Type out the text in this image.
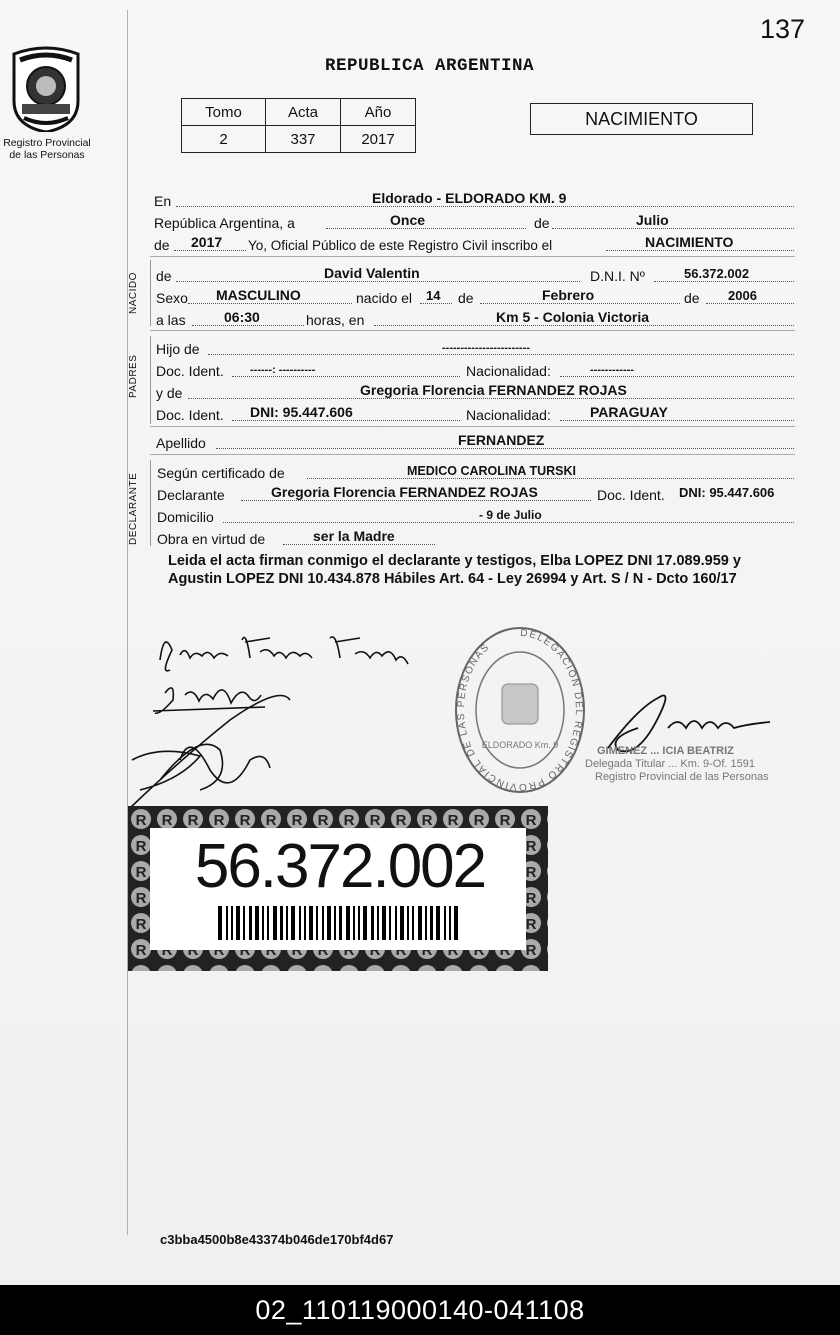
137
Registro Provincial
de las Personas
REPUBLICA ARGENTINA
Tomo	Acta	Año
2	337	2017
NACIMIENTO
En	Eldorado - ELDORADO KM. 9
República Argentina, a	Once	de	Julio
de 2017 Yo, Oficial Público de este Registro Civil inscribo el	NACIMIENTO
NACIDO de	David Valentin	D.N.I. Nº	56.372.002
Sexo MASCULINO	nacido el 14 de	Febrero	de 2006
a las	06:30	horas, en	Km 5 - Colonia Victoria
PADRES
Hijo de	------------------------
Doc. Ident. ------: ----------	Nacionalidad:	------------
y de	Gregoria Florencia FERNANDEZ ROJAS
Doc. Ident. DNI: 95.447.606	Nacionalidad:	PARAGUAY
Apellido	FERNANDEZ
DECLARANTE Según certificado de	MEDICO CAROLINA TURSKI
Declarante	Gregoria Florencia FERNANDEZ ROJAS	Doc. Ident. DNI: 95.447.606
Domicilio	- 9 de Julio
Obra en virtud de	ser la Madre
Leida el acta firman conmigo el declarante y testigos, Elba LOPEZ DNI 17.089.959 y Agustin LOPEZ DNI 10.434.878 Hábiles Art. 64 - Ley 26994 y Art. S / N - Dcto 160/17
DELEGACION DEL REGISTRO PROVINCIAL DE LAS PERSONAS
ELDORADO Km. 9	GIMENEZ ... ICIA BEATRIZ
Delegada Titular ... Km. 9-Of. 1591
Registro Provincial de las Personas
56.372.002
c3bba4500b8e43374b046de170bf4d67
02_110119000140-041108
